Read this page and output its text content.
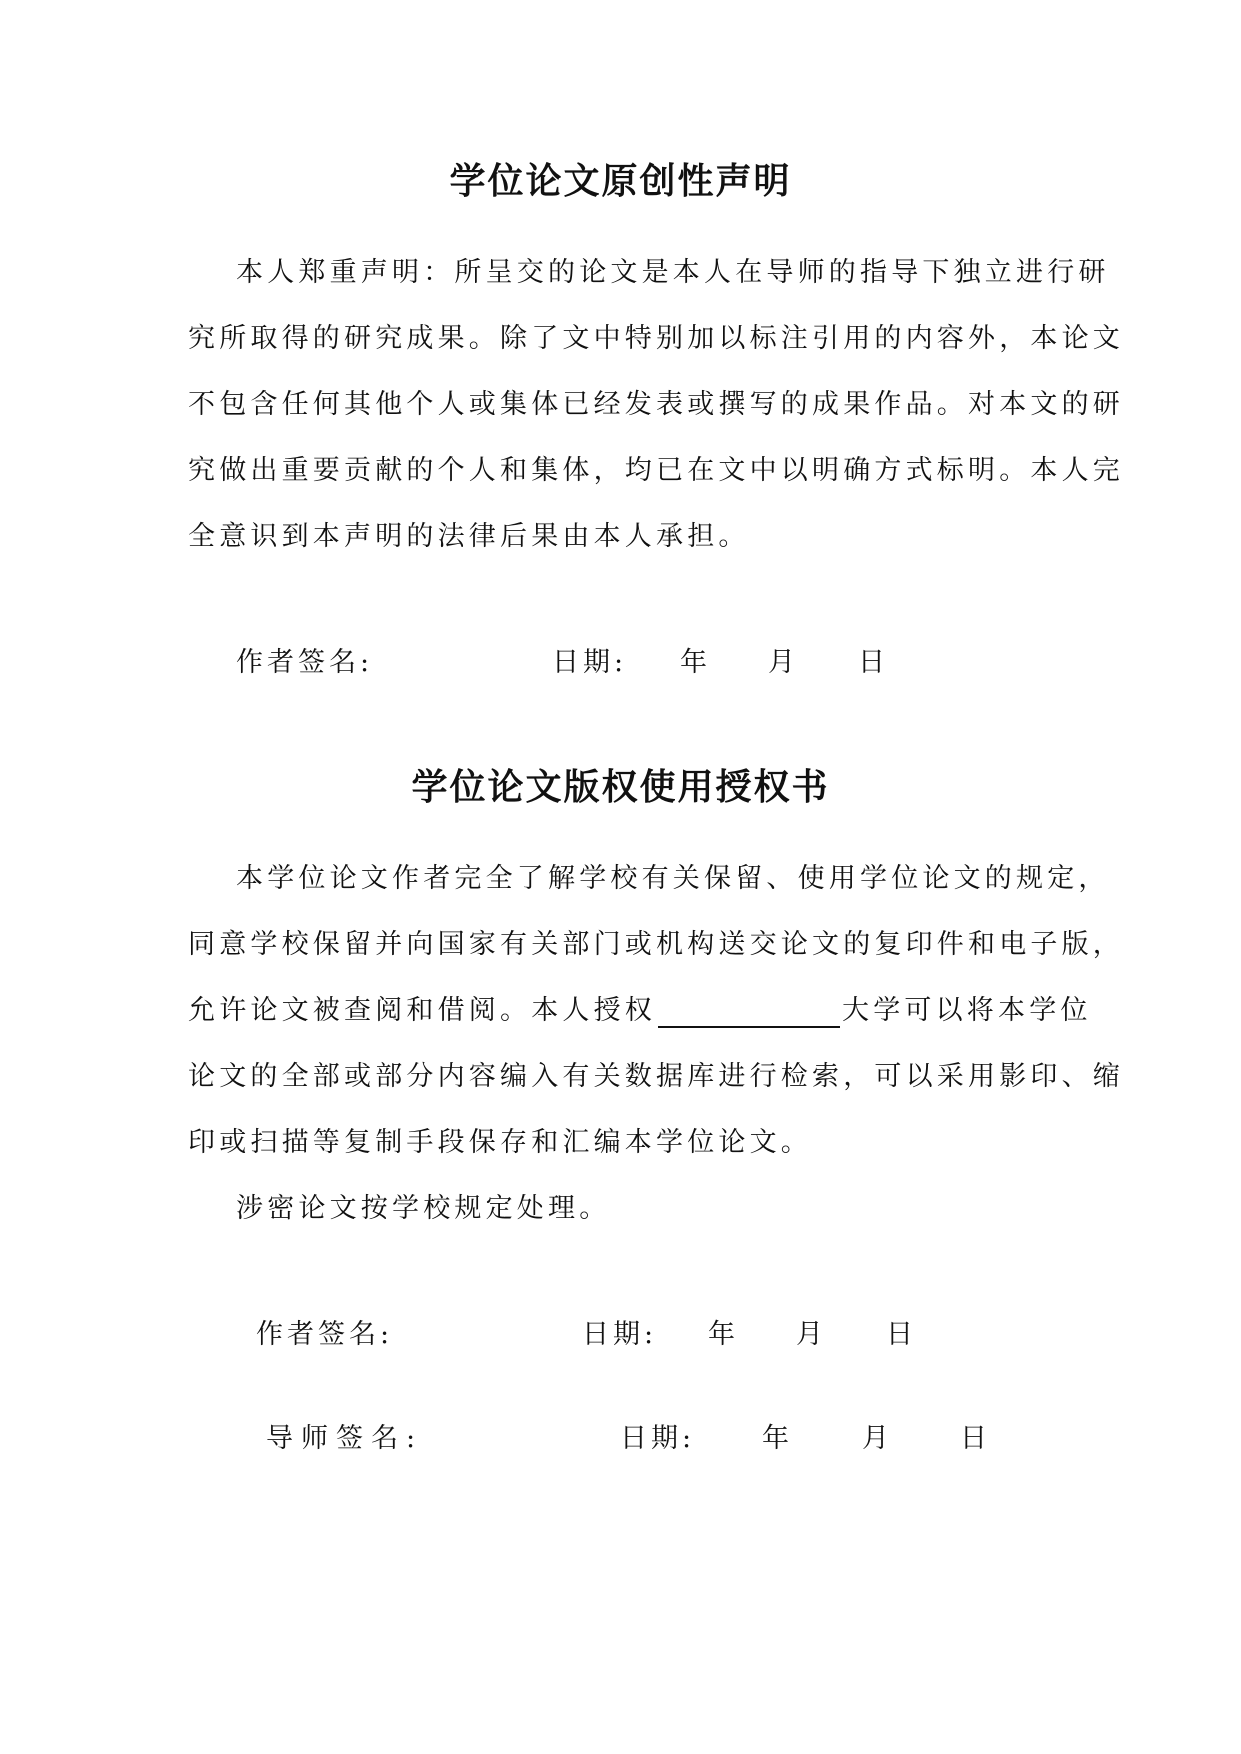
学位论文原创性声明
本人郑重声明：所呈交的论文是本人在导师的指导下独立进行研
究所取得的研究成果。除了文中特别加以标注引用的内容外，本论文
不包含任何其他个人或集体已经发表或撰写的成果作品。对本文的研
究做出重要贡献的个人和集体，均已在文中以明确方式标明。本人完
全意识到本声明的法律后果由本人承担。
作者签名:	日期: 年 月 日
学位论文版权使用授权书
本学位论文作者完全了解学校有关保留、使用学位论文的规定，
同意学校保留并向国家有关部门或机构送交论文的复印件和电子版，
允许论文被查阅和借阅。本人授权	大学可以将本学位
论文的全部或部分内容编入有关数据库进行检索，可以采用影印、缩
印或扫描等复制手段保存和汇编本学位论文。
涉密论文按学校规定处理。
作者签名:	日期: 年 月 日
导师签名:	日期: 年	月 日
